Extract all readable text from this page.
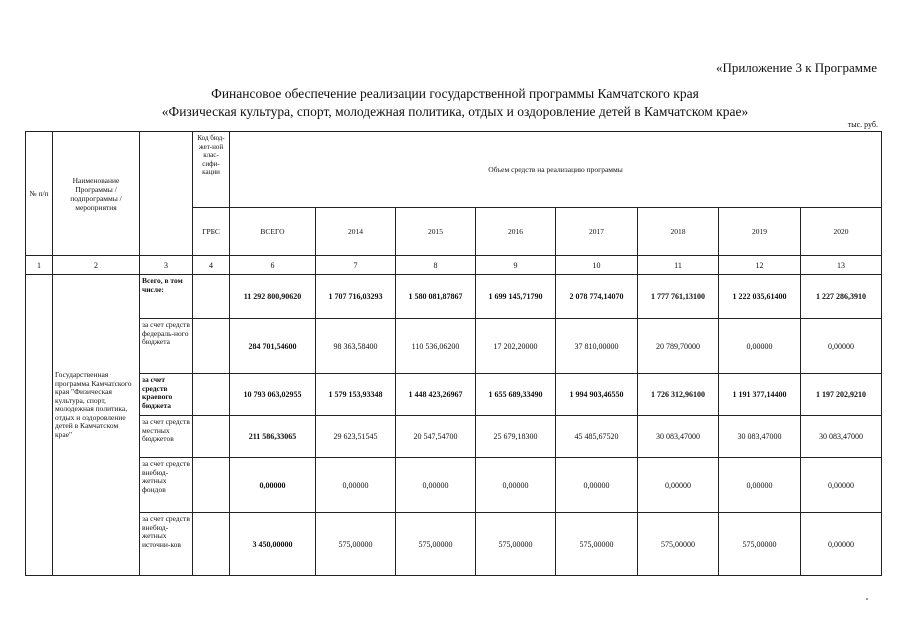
«Приложение 3 к Программе
Финансовое обеспечение реализации государственной программы Камчатского края
«Физическая культура, спорт, молодежная политика, отдых и оздоровление детей в Камчатском крае»
тыс. руб.
№ п/п	Наименование Программы / подпрограммы / мероприятия		Код бюд-жет-ной клас-сифи-кации	Объем средств на реализацию программы							
			ГРБС	ВСЕГО	2014	2015	2016	2017	2018	2019	2020
1	2	3	4	6	7	8	9	10	11	12	13
	Государственная программа Камчатского края "Физическая культура, спорт, молодежная политика, отдых и оздоровление детей в Камчатском крае"	Всего, в том числе:		11 292 800,90620	1 707 716,03293	1 580 081,87867	1 699 145,71790	2 078 774,14070	1 777 761,13100	1 222 035,61400	1 227 286,3910
		за счет средств федераль-ного бюджета		284 701,54600	98 363,58400	110 536,06200	17 202,20000	37 810,00000	20 789,70000	0,00000	0,00000
		за счет средств краевого бюджета		10 793 063,02955	1 579 153,93348	1 448 423,26967	1 655 689,33490	1 994 903,46550	1 726 312,96100	1 191 377,14400	1 197 202,9210
		за счет средств местных бюджетов		211 586,33065	29 623,51545	20 547,54700	25 679,18300	45 485,67520	30 083,47000	30 083,47000	30 083,47000
		за счет средств внебюд-жетных фондов		0,00000	0,00000	0,00000	0,00000	0,00000	0,00000	0,00000	0,00000
		за счет средств внебюд-жетных источни-ков		3 450,00000	575,00000	575,00000	575,00000	575,00000	575,00000	575,00000	0,00000
